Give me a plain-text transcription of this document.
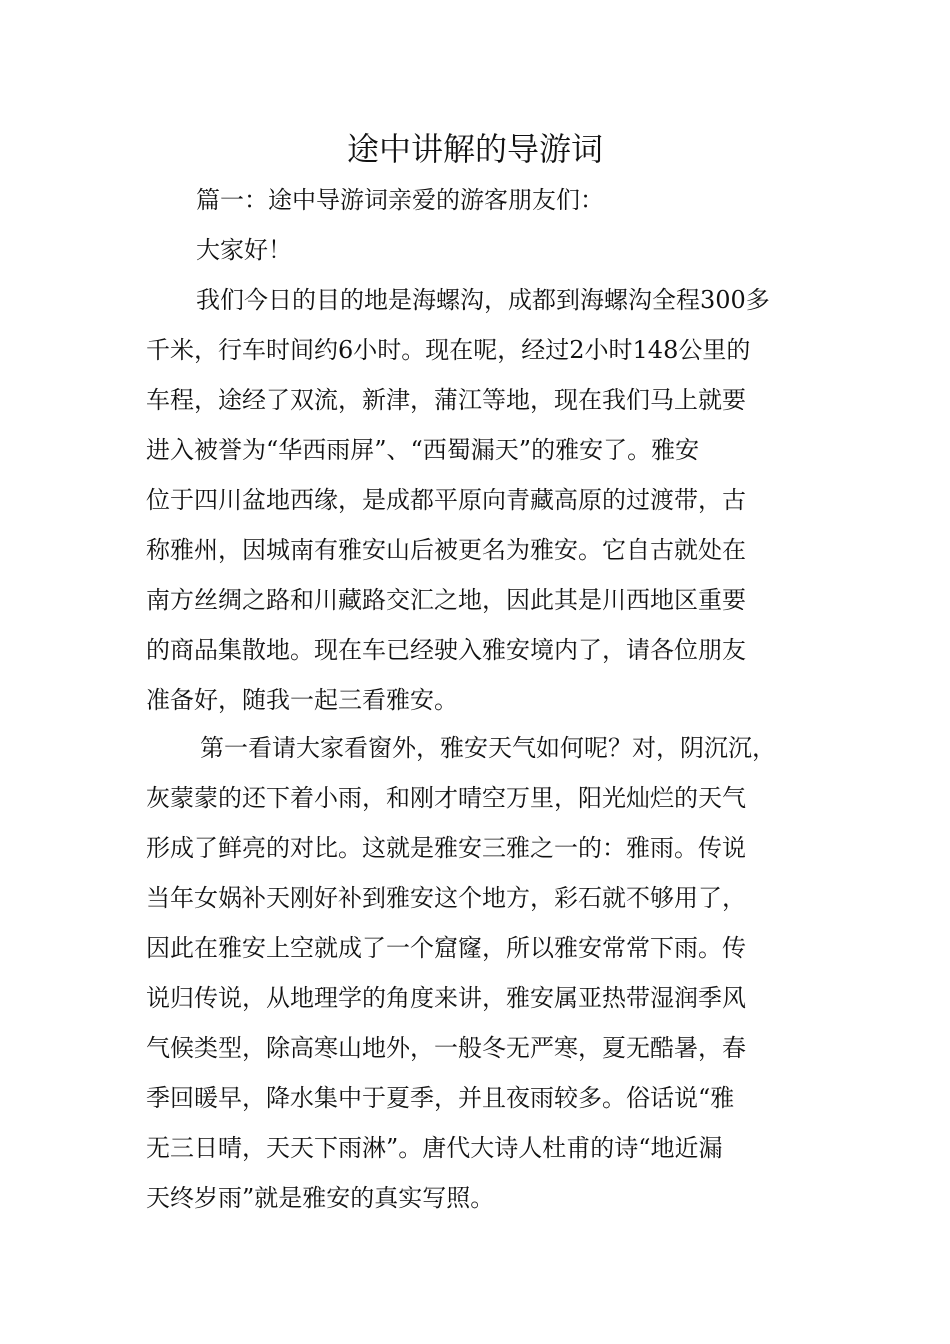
途中讲解的导游词
篇一：途中导游词亲爱的游客朋友们：
大家好！
我们今日的目的地是海螺沟，成都到海螺沟全程300多
千米，行车时间约6小时。现在呢，经过2小时148公里的
车程，途经了双流，新津，蒲江等地，现在我们马上就要
进入被誉为“华西雨屏”、“西蜀漏天”的雅安了。雅安
位于四川盆地西缘，是成都平原向青藏高原的过渡带，古
称雅州，因城南有雅安山后被更名为雅安。它自古就处在
南方丝绸之路和川藏路交汇之地，因此其是川西地区重要
的商品集散地。现在车已经驶入雅安境内了，请各位朋友
准备好，随我一起三看雅安。
第一看请大家看窗外，雅安天气如何呢？对，阴沉沉，
灰蒙蒙的还下着小雨，和刚才晴空万里，阳光灿烂的天气
形成了鲜亮的对比。这就是雅安三雅之一的：雅雨。传说
当年女娲补天刚好补到雅安这个地方，彩石就不够用了，
因此在雅安上空就成了一个窟窿，所以雅安常常下雨。传
说归传说，从地理学的角度来讲，雅安属亚热带湿润季风
气候类型，除高寒山地外，一般冬无严寒，夏无酷暑，春
季回暖早，降水集中于夏季，并且夜雨较多。俗话说“雅
无三日晴，天天下雨淋”。唐代大诗人杜甫的诗“地近漏
天终岁雨”就是雅安的真实写照。
